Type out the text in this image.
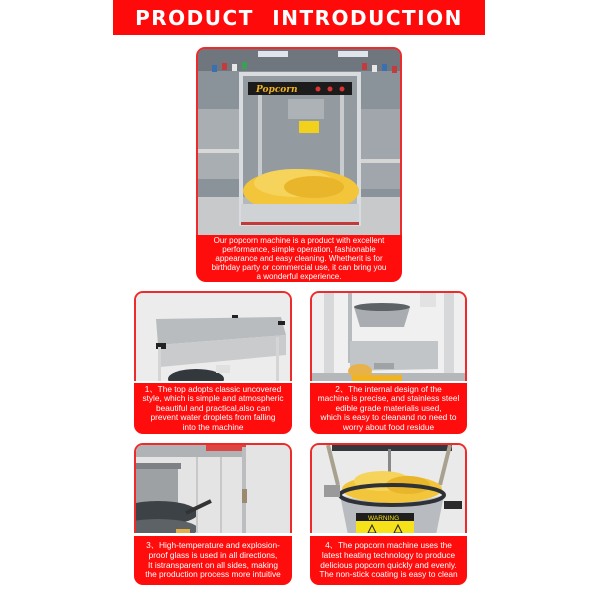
PRODUCT INTRODUCTION
Popcorn
Our popcorn machine is a product with excellent
performance, simple operation, fashionable
appearance and easy cleaning. Whetherit is for
birthday party or commercial use, it can bring you
a wonderful experience.
1、The top adopts classic uncovered
style, which is simple and atmospheric
beautiful and practical,also can
prevent water droplets from falling
into the machine
2、The internal design of the
machine is precise, and stainless steel
edible grade materialis used,
which is easy to cleanand no need to
worry about food residue
3、High-temperature and explosion-
proof glass is used in all directions,
It istransparent on all sides, making
the production process more intuitive
WARNING
4、The popcorn machine uses the
latest heating technology to produce
delicious popcorn quickly and evenly.
The non-stick coating is easy to clean
